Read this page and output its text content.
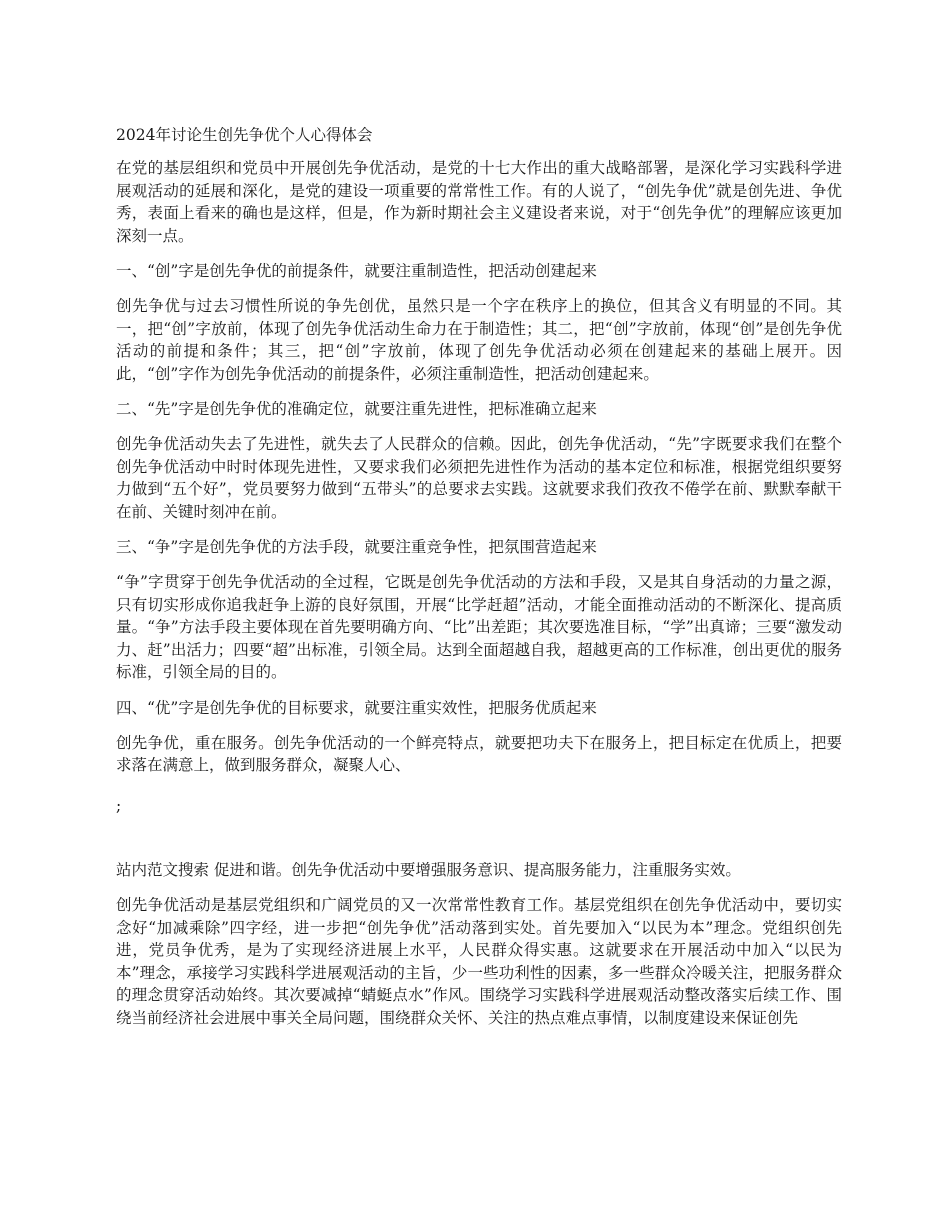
2024年讨论生创先争优个人心得体会
在党的基层组织和党员中开展创先争优活动，是党的十七大作出的重大战略部署，是深化学习实践科学进展观活动的延展和深化，是党的建设一项重要的常常性工作。有的人说了，“创先争优”就是创先进、争优秀，表面上看来的确也是这样，但是，作为新时期社会主义建设者来说，对于“创先争优”的理解应该更加深刻一点。
一、“创”字是创先争优的前提条件，就要注重制造性，把活动创建起来
创先争优与过去习惯性所说的争先创优，虽然只是一个字在秩序上的换位，但其含义有明显的不同。其一，把“创”字放前，体现了创先争优活动生命力在于制造性；其二，把“创”字放前，体现“创”是创先争优活动的前提和条件；其三，把“创”字放前，体现了创先争优活动必须在创建起来的基础上展开。因此，“创”字作为创先争优活动的前提条件，必须注重制造性，把活动创建起来。
二、“先”字是创先争优的准确定位，就要注重先进性，把标准确立起来
创先争优活动失去了先进性，就失去了人民群众的信赖。因此，创先争优活动，“先”字既要求我们在整个创先争优活动中时时体现先进性，又要求我们必须把先进性作为活动的基本定位和标准，根据党组织要努力做到“五个好”，党员要努力做到“五带头”的总要求去实践。这就要求我们孜孜不倦学在前、默默奉献干在前、关键时刻冲在前。
三、“争”字是创先争优的方法手段，就要注重竞争性，把氛围营造起来
“争”字贯穿于创先争优活动的全过程，它既是创先争优活动的方法和手段，又是其自身活动的力量之源，只有切实形成你追我赶争上游的良好氛围，开展“比学赶超”活动，才能全面推动活动的不断深化、提高质量。“争”方法手段主要体现在首先要明确方向、“比”出差距；其次要选准目标，“学”出真谛；三要“激发动力、赶”出活力；四要“超”出标准，引领全局。达到全面超越自我，超越更高的工作标准，创出更优的服务标准，引领全局的目的。
四、“优”字是创先争优的目标要求，就要注重实效性，把服务优质起来
创先争优，重在服务。创先争优活动的一个鲜亮特点，就要把功夫下在服务上，把目标定在优质上，把要求落在满意上，做到服务群众，凝聚人心、
;
站内范文搜索 促进和谐。创先争优活动中要增强服务意识、提高服务能力，注重服务实效。
创先争优活动是基层党组织和广阔党员的又一次常常性教育工作。基层党组织在创先争优活动中，要切实念好“加减乘除”四字经，进一步把“创先争优”活动落到实处。首先要加入“以民为本”理念。党组织创先进，党员争优秀，是为了实现经济进展上水平，人民群众得实惠。这就要求在开展活动中加入“以民为本”理念，承接学习实践科学进展观活动的主旨，少一些功利性的因素，多一些群众冷暖关注，把服务群众的理念贯穿活动始终。其次要减掉“蜻蜓点水”作风。围绕学习实践科学进展观活动整改落实后续工作、围绕当前经济社会进展中事关全局问题，围绕群众关怀、关注的热点难点事情，以制度建设来保证创先
